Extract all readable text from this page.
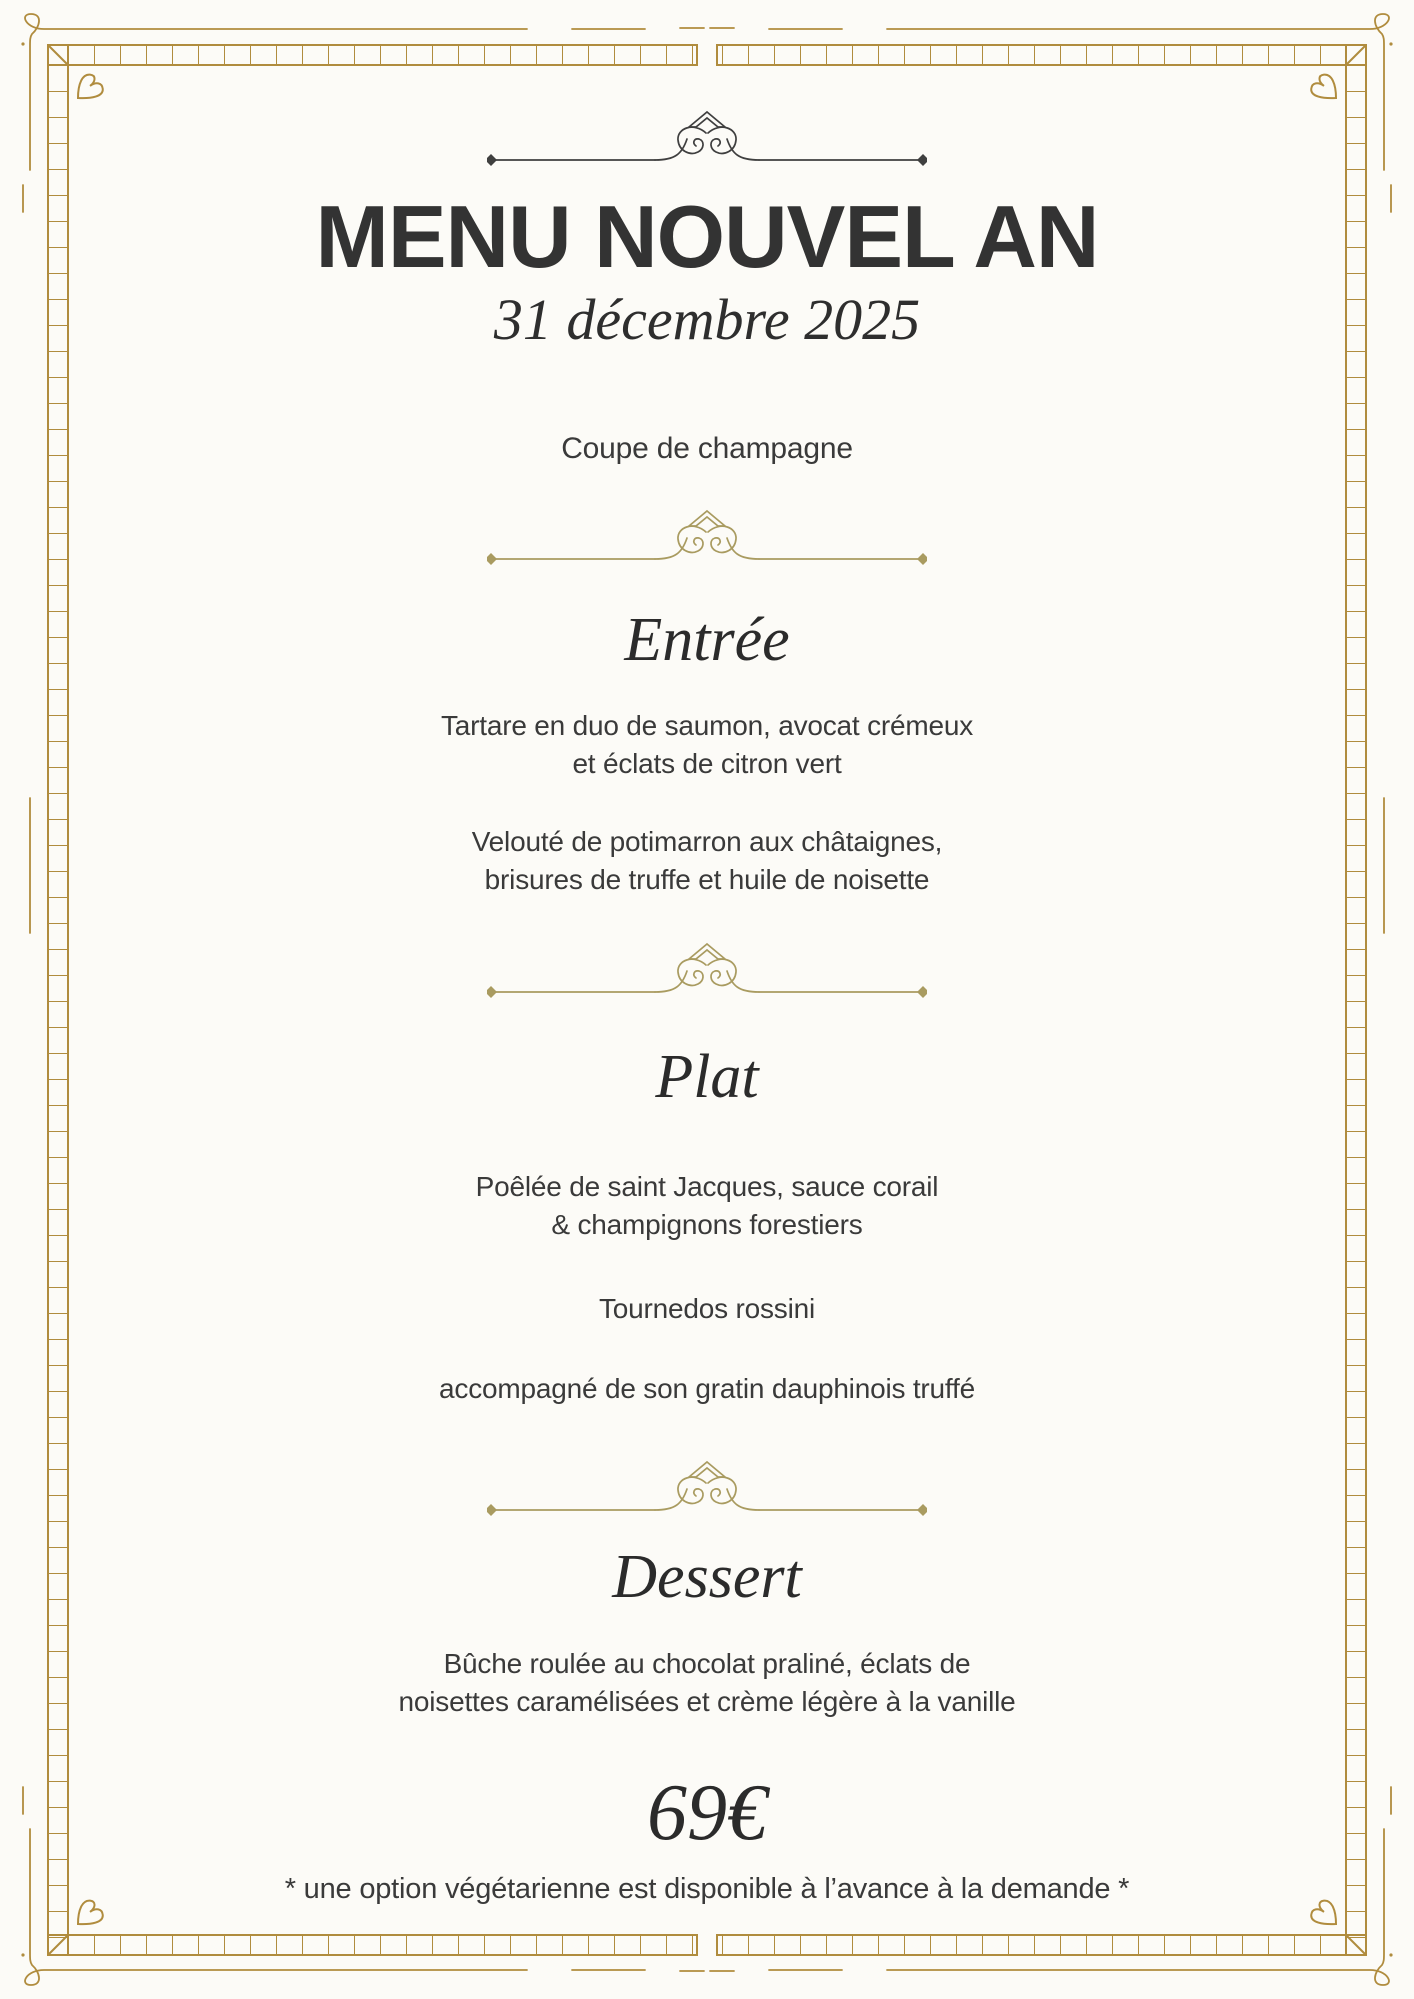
MENU NOUVEL AN
31 décembre 2025
Coupe de champagne
Entrée
Tartare en duo de saumon, avocat crémeux
et éclats de citron vert
Velouté de potimarron aux châtaignes,
brisures de truffe et huile de noisette
Plat
Poêlée de saint Jacques, sauce corail
& champignons forestiers
Tournedos rossini
accompagné de son gratin dauphinois truffé
Dessert
Bûche roulée au chocolat praliné, éclats de
noisettes caramélisées et crème légère à la vanille
69€
* une option végétarienne est disponible à l’avance à la demande *
